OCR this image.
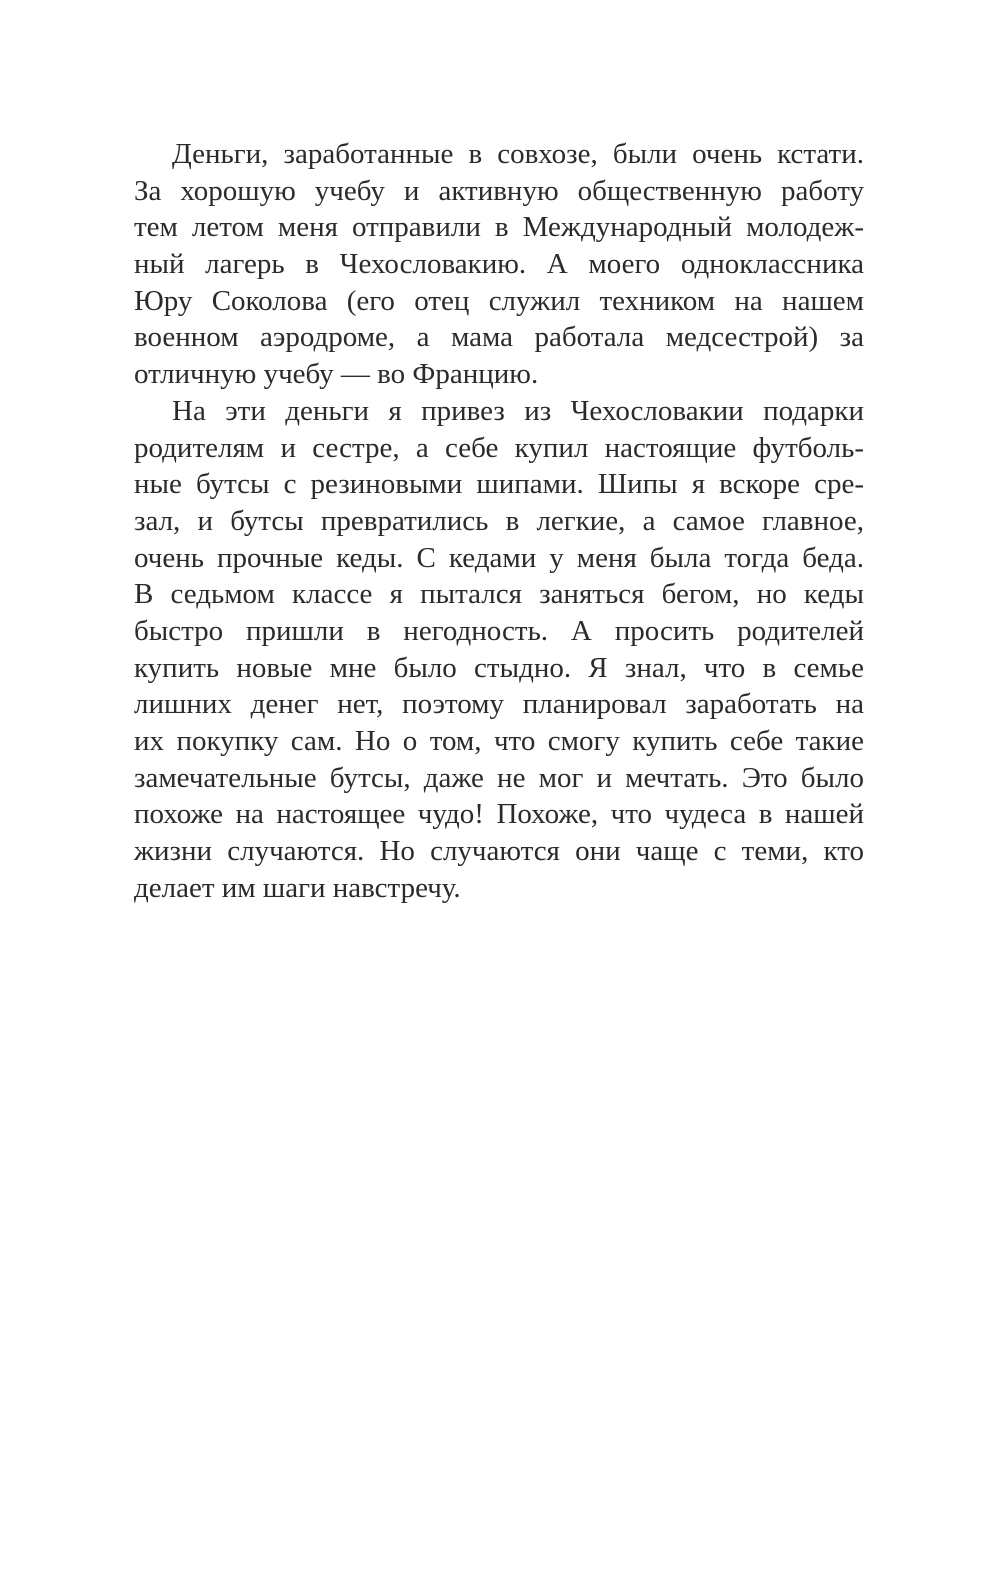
Деньги, заработанные в совхозе, были очень кстати.
За хорошую учебу и активную общественную работу
тем летом меня отправили в Международный молодеж-
ный лагерь в Чехословакию. А моего одноклассника
Юру Соколова (его отец служил техником на нашем
военном аэродроме, а мама работала медсестрой) за
отличную учебу — во Францию.
На эти деньги я привез из Чехословакии подарки
родителям и сестре, а себе купил настоящие футболь-
ные бутсы с резиновыми шипами. Шипы я вскоре сре-
зал, и бутсы превратились в легкие, а самое главное,
очень прочные кеды. С кедами у меня была тогда беда.
В седьмом классе я пытался заняться бегом, но кеды
быстро пришли в негодность. А просить родителей
купить новые мне было стыдно. Я знал, что в семье
лишних денег нет, поэтому планировал заработать на
их покупку сам. Но о том, что смогу купить себе такие
замечательные бутсы, даже не мог и мечтать. Это было
похоже на настоящее чудо! Похоже, что чудеса в нашей
жизни случаются. Но случаются они чаще с теми, кто
делает им шаги навстречу.
